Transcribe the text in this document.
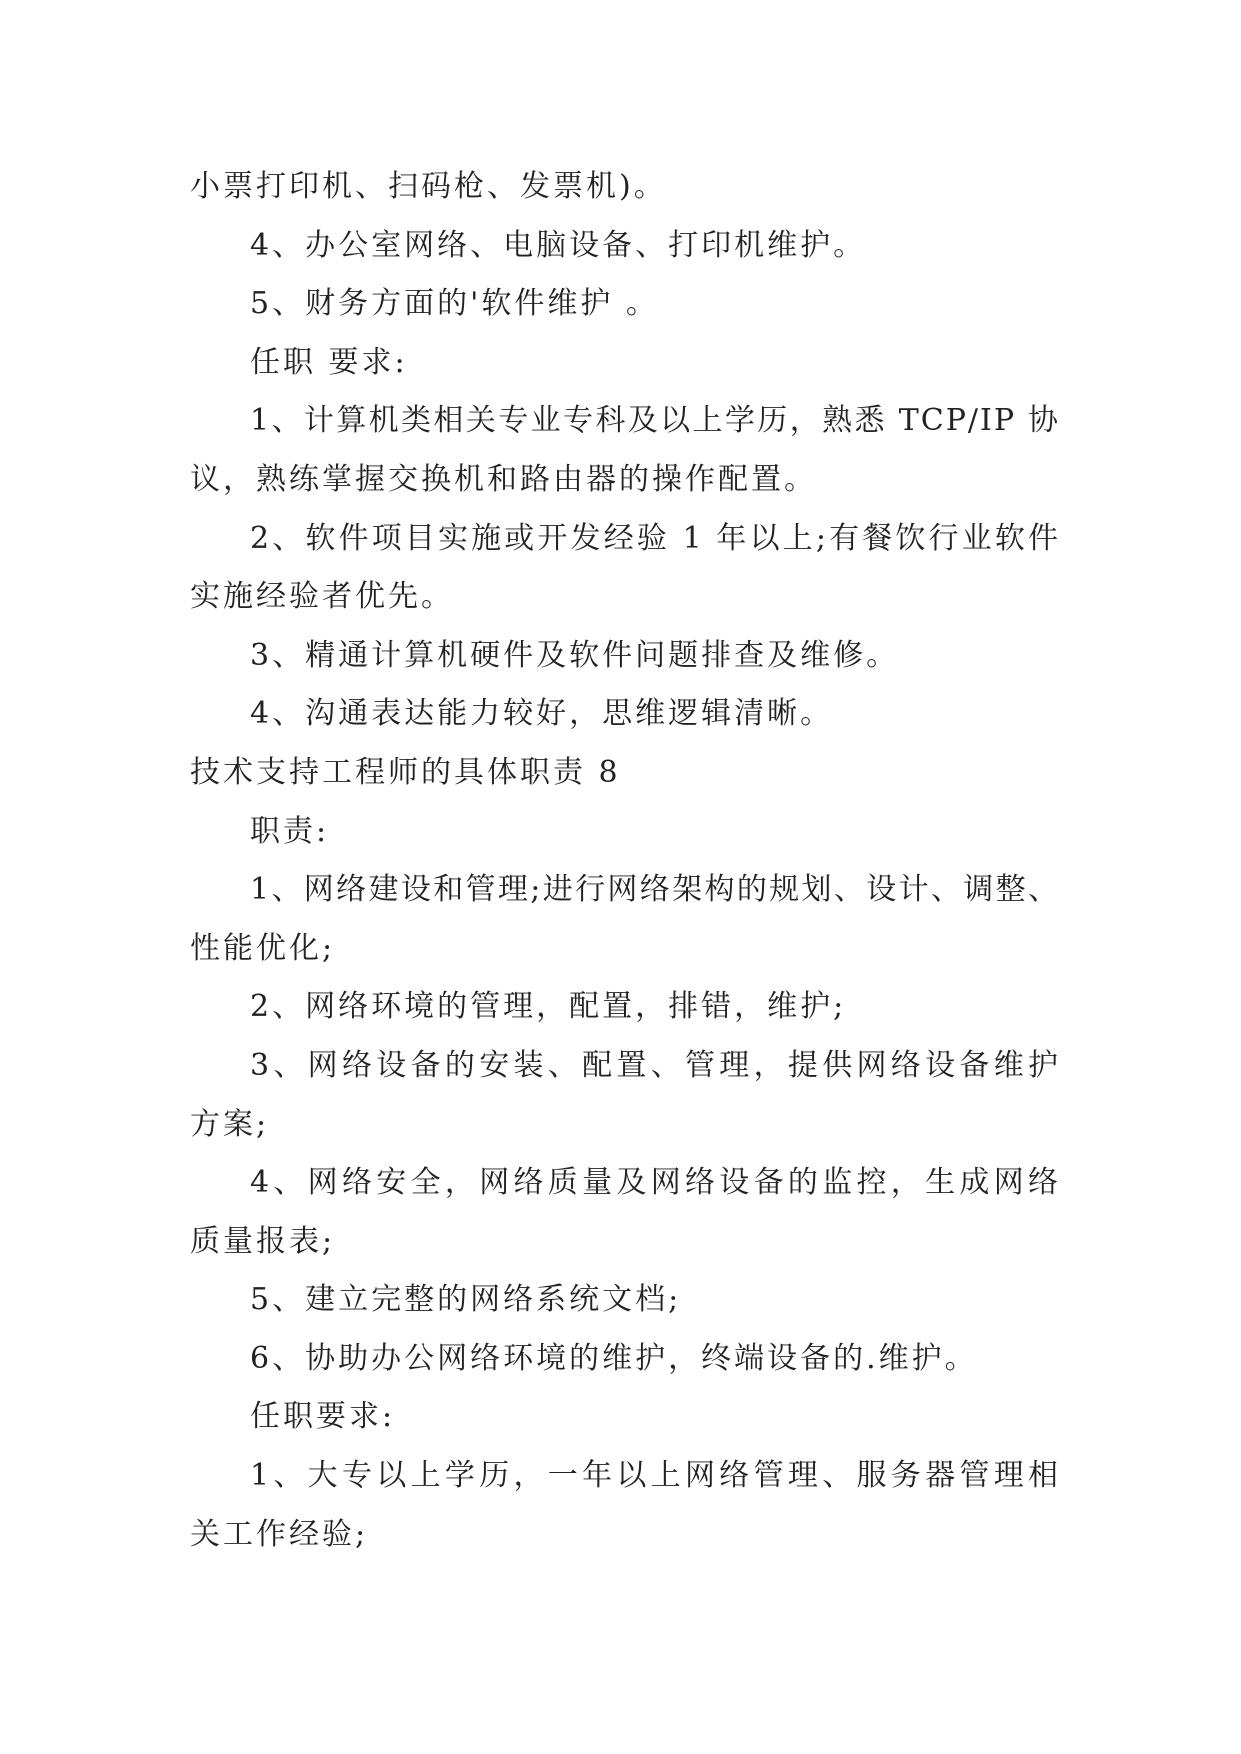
小票打印机、扫码枪、发票机)。
4、办公室网络、电脑设备、打印机维护。
5、财务方面的'软件维护 。
任职 要求:
1、计算机类相关专业专科及以上学历，熟悉 TCP/IP 协
议，熟练掌握交换机和路由器的操作配置。
2、软件项目实施或开发经验 1 年以上;有餐饮行业软件
实施经验者优先。
3、精通计算机硬件及软件问题排查及维修。
4、沟通表达能力较好，思维逻辑清晰。
技术支持工程师的具体职责 8
职责:
1、网络建设和管理;进行网络架构的规划、设计、调整、
性能优化;
2、网络环境的管理，配置，排错，维护;
3、网络设备的安装、配置、管理，提供网络设备维护
方案;
4、网络安全，网络质量及网络设备的监控，生成网络
质量报表;
5、建立完整的网络系统文档;
6、协助办公网络环境的维护，终端设备的.维护。
任职要求:
1、大专以上学历，一年以上网络管理、服务器管理相
关工作经验;
